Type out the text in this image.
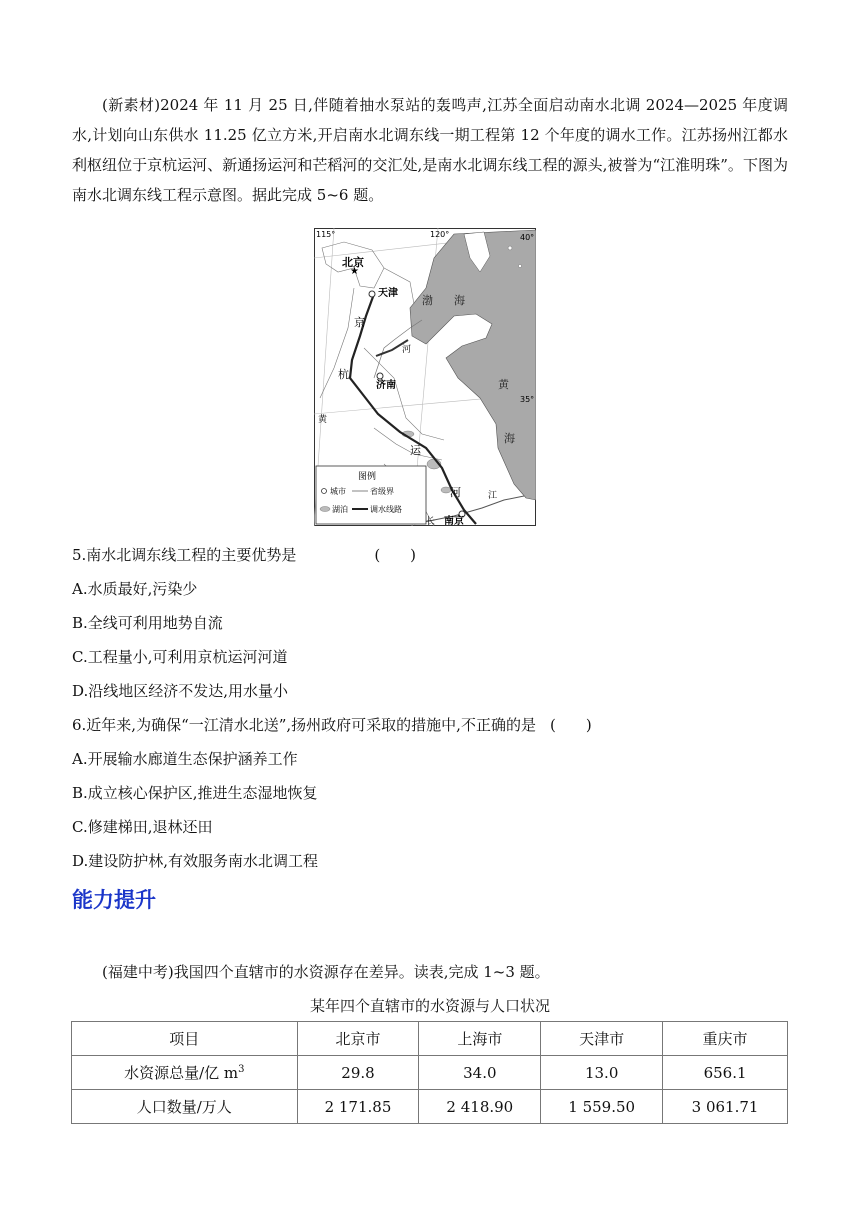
(新素材)2024 年 11 月 25 日,伴随着抽水泵站的轰鸣声,江苏全面启动南水北调 2024—2025 年度调水,计划向山东供水 11.25 亿立方米,开启南水北调东线一期工程第 12 个年度的调水工作。江苏扬州江都水利枢纽位于京杭运河、新通扬运河和芒稻河的交汇处,是南水北调东线工程的源头,被誉为“江淮明珠”。下图为南水北调东线工程示意图。据此完成 5~6 题。
北京
★
天津
济南
南京
渤 海
黄
海
京
杭
运
河
黄
河
江
长
115°	120°	40°
35°
图例
城市	省级界
湖泊	调水线路
5.南水北调东线工程的主要优势是	(　　)
A.水质最好,污染少
B.全线可利用地势自流
C.工程量小,可利用京杭运河河道
D.沿线地区经济不发达,用水量小
6.近年来,为确保“一江清水北送”,扬州政府可采取的措施中,不正确的是 (　　)
A.开展输水廊道生态保护涵养工作
B.成立核心保护区,推进生态湿地恢复
C.修建梯田,退林还田
D.建设防护林,有效服务南水北调工程
能力提升
(福建中考)我国四个直辖市的水资源存在差异。读表,完成 1~3 题。
某年四个直辖市的水资源与人口状况
项目	北京市	上海市	天津市	重庆市
水资源总量/亿 $m^3$	29.8	34.0	13.0	656.1
人口数量/万人	2 171.85	2 418.90	1 559.50	3 061.71
